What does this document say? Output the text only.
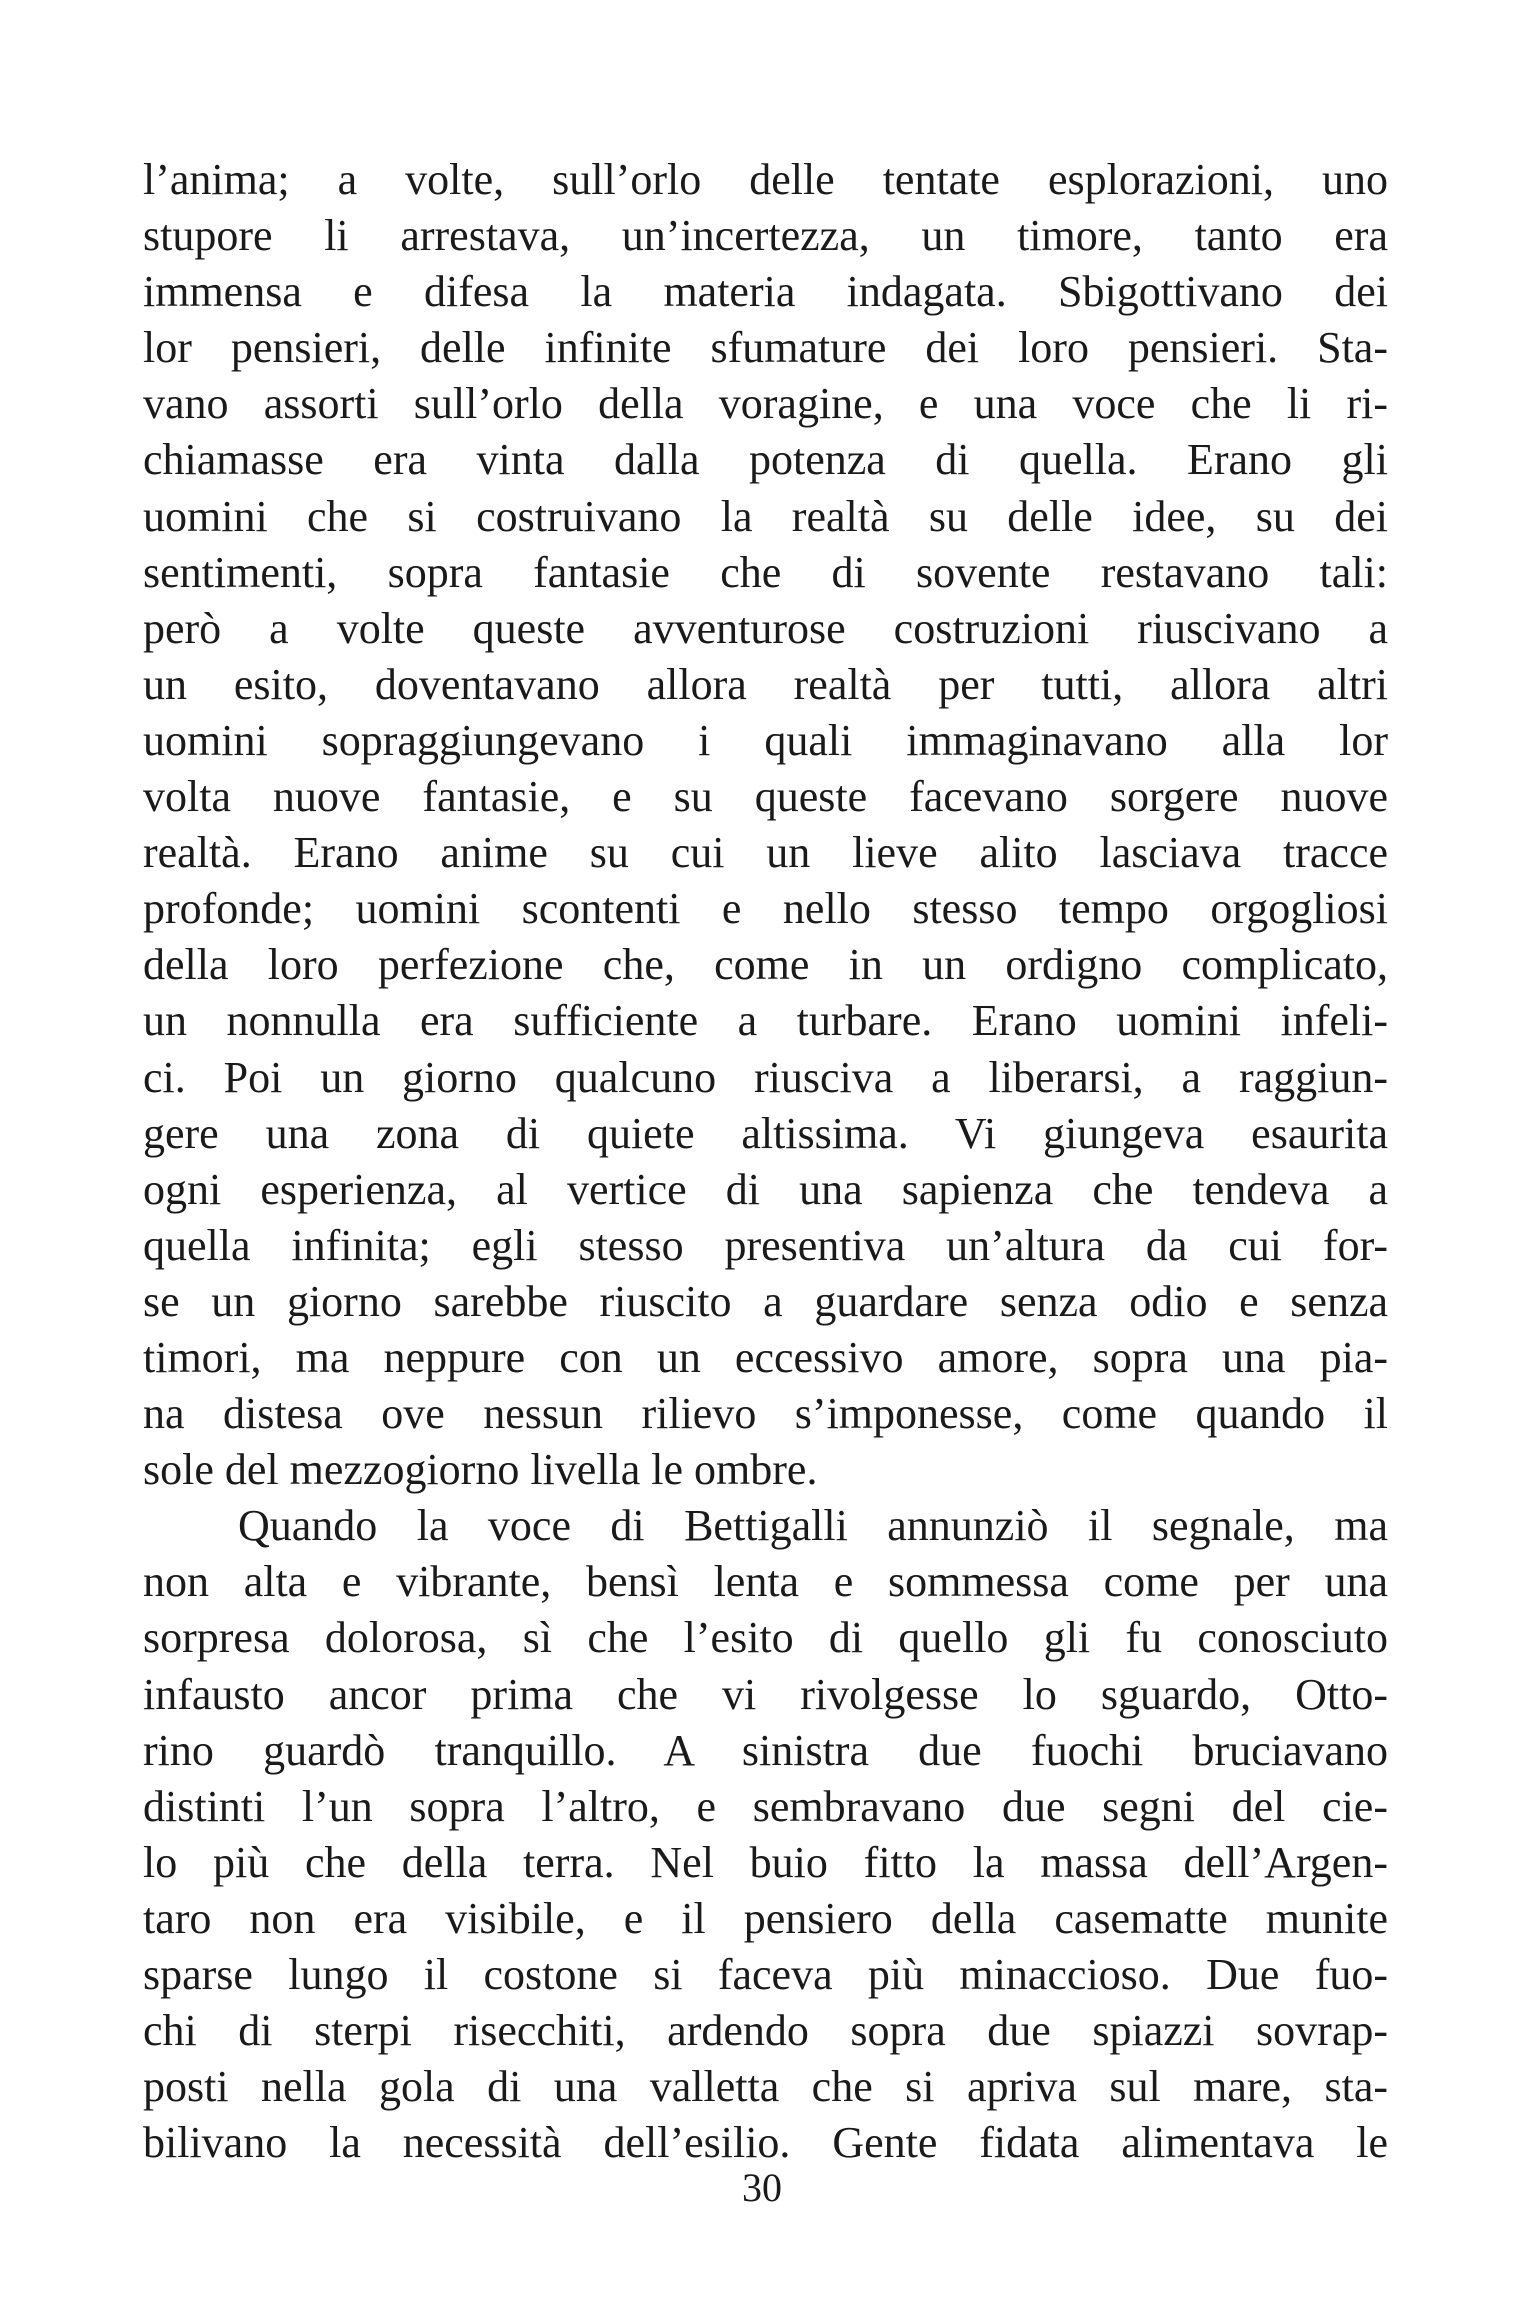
l’anima; a volte, sull’orlo delle tentate esplorazioni, uno
stupore li arrestava, un’incertezza, un timore, tanto era
immensa e difesa la materia indagata. Sbigottivano dei
lor pensieri, delle infinite sfumature dei loro pensieri. Sta-
vano assorti sull’orlo della voragine, e una voce che li ri-
chiamasse era vinta dalla potenza di quella. Erano gli
uomini che si costruivano la realtà su delle idee, su dei
sentimenti, sopra fantasie che di sovente restavano tali:
però a volte queste avventurose costruzioni riuscivano a
un esito, doventavano allora realtà per tutti, allora altri
uomini sopraggiungevano i quali immaginavano alla lor
volta nuove fantasie, e su queste facevano sorgere nuove
realtà. Erano anime su cui un lieve alito lasciava tracce
profonde; uomini scontenti e nello stesso tempo orgogliosi
della loro perfezione che, come in un ordigno complicato,
un nonnulla era sufficiente a turbare. Erano uomini infeli-
ci. Poi un giorno qualcuno riusciva a liberarsi, a raggiun-
gere una zona di quiete altissima. Vi giungeva esaurita
ogni esperienza, al vertice di una sapienza che tendeva a
quella infinita; egli stesso presentiva un’altura da cui for-
se un giorno sarebbe riuscito a guardare senza odio e senza
timori, ma neppure con un eccessivo amore, sopra una pia-
na distesa ove nessun rilievo s’imponesse, come quando il
sole del mezzogiorno livella le ombre.
Quando la voce di Bettigalli annunziò il segnale, ma
non alta e vibrante, bensì lenta e sommessa come per una
sorpresa dolorosa, sì che l’esito di quello gli fu conosciuto
infausto ancor prima che vi rivolgesse lo sguardo, Otto-
rino guardò tranquillo. A sinistra due fuochi bruciavano
distinti l’un sopra l’altro, e sembravano due segni del cie-
lo più che della terra. Nel buio fitto la massa dell’Argen-
taro non era visibile, e il pensiero della casematte munite
sparse lungo il costone si faceva più minaccioso. Due fuo-
chi di sterpi risecchiti, ardendo sopra due spiazzi sovrap-
posti nella gola di una valletta che si apriva sul mare, sta-
bilivano la necessità dell’esilio. Gente fidata alimentava le
30
